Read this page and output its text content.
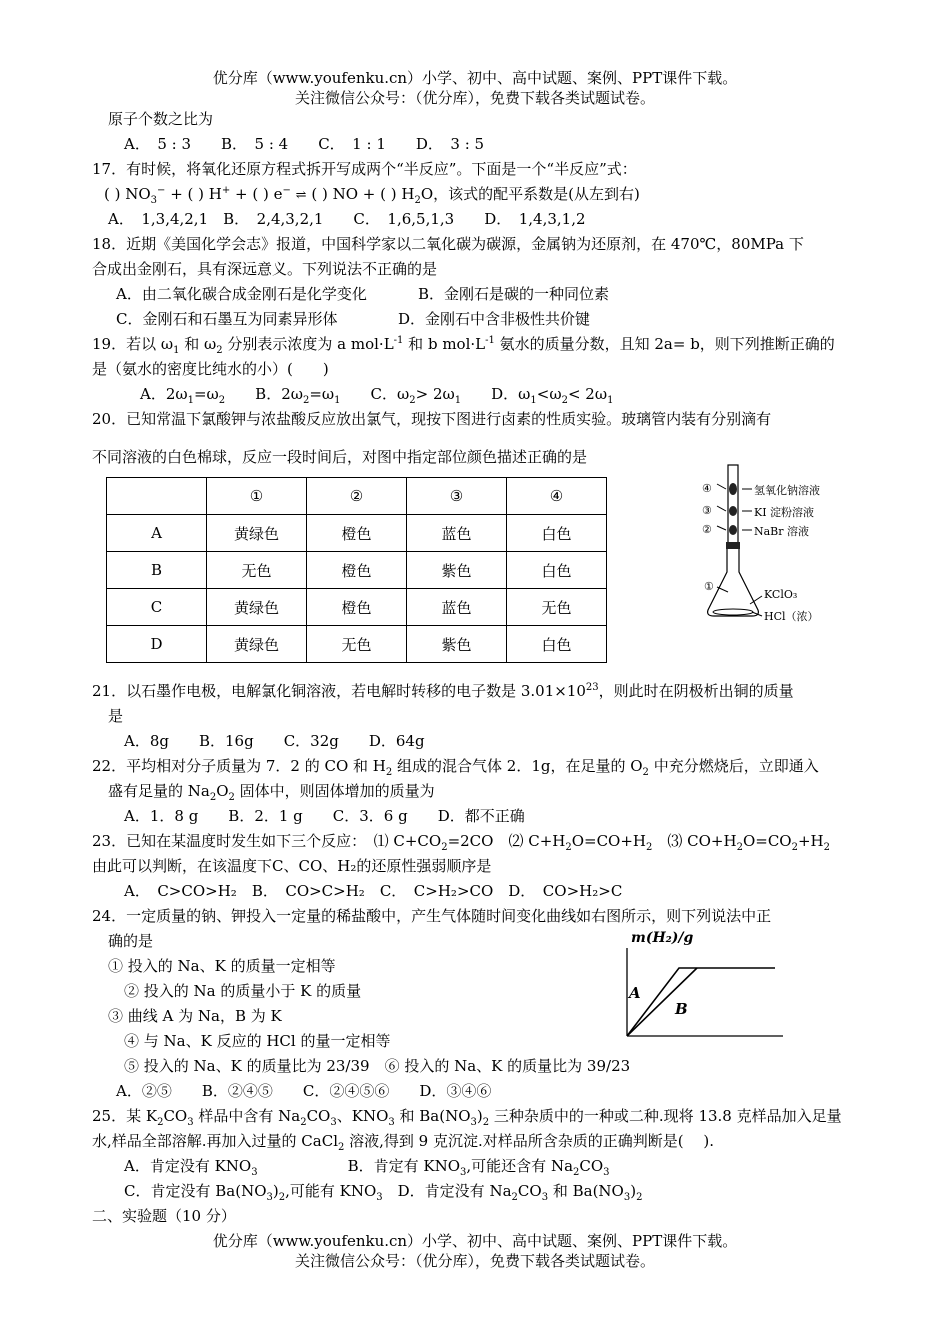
优分库（www.youfenku.cn）小学、初中、高中试题、案例、PPT课件下载。
关注微信公众号：（优分库），免费下载各类试题试卷。
原子个数之比为
A．　5 : 3　　B．　5 : 4　　C．　1 : 1　　D．　3 : 5
17．有时候，将氧化还原方程式拆开写成两个“半反应”。下面是一个“半反应”式：
( ) $NO_3^-$ + ( ) H+ + ( ) e− ⇌ ( ) NO + ( ) $H_2O$，该式的配平系数是(从左到右)
A．　1,3,4,2,1　B．　2,4,3,2,1　　C．　1,6,5,1,3　　D．　1,4,3,1,2
18．近期《美国化学会志》报道，中国科学家以二氧化碳为碳源，金属钠为还原剂，在 470℃，80MPa 下
合成出金刚石，具有深远意义。下列说法不正确的是
A．由二氧化碳合成金刚石是化学变化	B．金刚石是碳的一种同位素
C．金刚石和石墨互为同素异形体	D．金刚石中含非极性共价键
19．若以 $\omega_1$ 和 $\omega_2$ 分别表示浓度为 a $mol\cdot L^{-1}$ 和 b $mol\cdot L^{-1}$ 氨水的质量分数，且知 2a= b，则下列推断正确的
是（氨水的密度比纯水的小）(　　)
A．$2\omega_1=\omega_2$　　B．$2\omega_2=\omega_1$　　C．$\omega_2> 2\omega_1$　　D．$\omega_1<\omega_2< 2\omega_1$
20．已知常温下氯酸钾与浓盐酸反应放出氯气，现按下图进行卤素的性质实验。玻璃管内装有分别滴有
不同溶液的白色棉球，反应一段时间后，对图中指定部位颜色描述正确的是
	①	②	③	④
A	黄绿色	橙色	蓝色	白色
B	无色	橙色	紫色	白色
C	黄绿色	橙色	蓝色	无色
D	黄绿色	无色	紫色	白色
④	氢氧化钠溶液
③	KI 淀粉溶液
②	NaBr 溶液
①
KClO₃
HCl（浓）
21．以石墨作电极，电解氯化铜溶液，若电解时转移的电子数是 $3.01\times 10^{23}$，则此时在阴极析出铜的质量
是
A．8g　　B．16g　　C．32g　　D．64g
22．平均相对分子质量为 7．2 的 CO 和 $H_2$ 组成的混合气体 2．1g，在足量的 $O_2$ 中充分燃烧后，立即通入
盛有足量的 $Na_2O_2$ 固体中，则固体增加的质量为
A．1．8 g　　B．2．1 g　　C．3．6 g　　D．都不正确
23．已知在某温度时发生如下三个反应：　⑴ $C+CO_2=2CO$　⑵ $C+H_2O=CO+H_2$　⑶ $CO+H_2O=CO_2+H_2$
由此可以判断，在该温度下C、CO、H₂的还原性强弱顺序是
A．　C>CO>H₂　B．　CO>C>H₂　C．　C>H₂>CO　D．　CO>H₂>C
24．一定质量的钠、钾投入一定量的稀盐酸中，产生气体随时间变化曲线如右图所示，则下列说法中正
确的是
① 投入的 Na、K 的质量一定相等
② 投入的 Na 的质量小于 K 的质量
③ 曲线 A 为 Na，B 为 K
④ 与 Na、K 反应的 HCl 的量一定相等
⑤ 投入的 Na、K 的质量比为 23/39　⑥ 投入的 Na、K 的质量比为 39/23
A．②⑤　　B．②④⑤　　C．②④⑤⑥　　D．③④⑥
m(H₂)/g
A
B
25．某 $K_2CO_3$ 样品中含有 $Na_2CO_3$、$KNO_3$ 和 $Ba(NO_3)_2$ 三种杂质中的一种或二种.现将 13.8 克样品加入足量
水,样品全部溶解.再加入过量的 CaCl$_2$ 溶液,得到 9 克沉淀.对样品所含杂质的正确判断是(　 ).
A．肯定没有 $KNO_3$　　　　　　B．肯定有 $KNO_3$,可能还含有 $Na_2CO_3$
C．肯定没有 $Ba(NO_3)_2$,可能有 $KNO_3$　D．肯定没有 $Na_2CO_3$ 和 $Ba(NO_3)_2$
二、实验题（10 分）
优分库（www.youfenku.cn）小学、初中、高中试题、案例、PPT课件下载。
关注微信公众号：（优分库），免费下载各类试题试卷。
